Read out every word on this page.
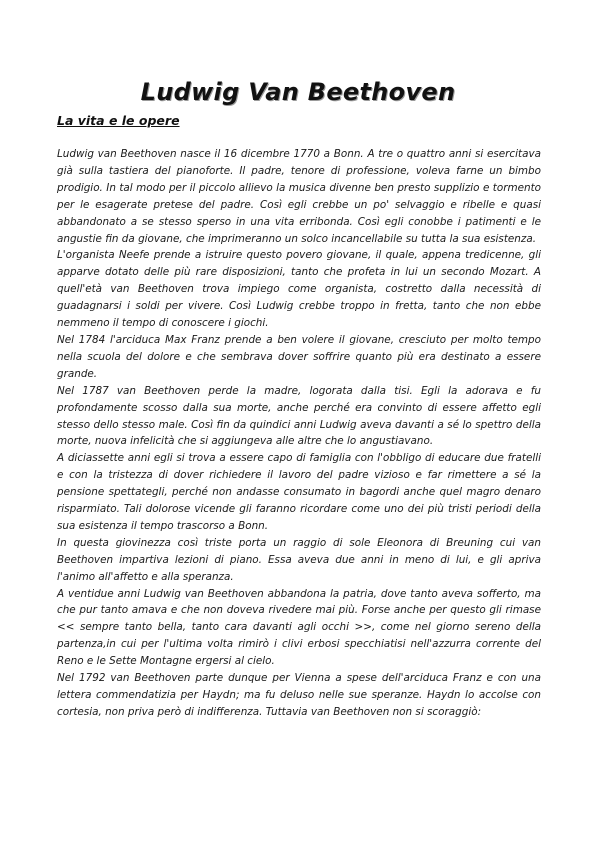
Ludwig Van Beethoven
La vita e le opere

Ludwig van Beethoven nasce il 16 dicembre 1770 a Bonn. A tre o quattro anni si esercitava già sulla tastiera del pianoforte. Il padre, tenore di professione, voleva farne un bimbo prodigio. In tal modo per il piccolo allievo la musica divenne ben presto supplizio e tormento per le esagerate pretese del padre. Così egli crebbe un po' selvaggio e ribelle e quasi abbandonato a se stesso sperso in una vita erribonda. Così egli conobbe i patimenti e le angustie fin da giovane, che imprimeranno un solco incancellabile su tutta la sua esistenza.

L'organista Neefe prende a istruire questo povero giovane, il quale, appena tredicenne, gli apparve dotato delle più rare disposizioni, tanto che profeta in lui un secondo Mozart. A quell'età van Beethoven trova impiego come organista, costretto dalla necessità di guadagnarsi i soldi per vivere. Così Ludwig crebbe troppo in fretta, tanto che non ebbe nemmeno il tempo di conoscere i giochi.

Nel 1784 l'arciduca Max Franz prende a ben volere il giovane, cresciuto per molto tempo nella scuola del dolore e che sembrava dover soffrire quanto più era destinato a essere grande.

Nel 1787 van Beethoven perde la madre, logorata dalla tisi. Egli la adorava e fu profondamente scosso dalla sua morte, anche perché era convinto di essere affetto egli stesso dello stesso male. Così fin da quindici anni Ludwig aveva davanti a sé lo spettro della morte, nuova infelicità che si aggiungeva alle altre che lo angustiavano.

A diciassette anni egli si trova a essere capo di famiglia con l'obbligo di educare due fratelli e con la tristezza di dover richiedere il lavoro del padre vizioso e far rimettere a sé la pensione spettategli, perché non andasse consumato in bagordi anche quel magro denaro risparmiato. Tali dolorose vicende gli faranno ricordare come uno dei più tristi periodi della sua esistenza il tempo trascorso a Bonn.

In questa giovinezza così triste porta un raggio di sole Eleonora di Breuning cui van Beethoven impartiva lezioni di piano. Essa aveva due anni in meno di lui, e gli apriva l'animo all'affetto e alla speranza.

A ventidue anni Ludwig van Beethoven abbandona la patria, dove tanto aveva sofferto, ma che pur tanto amava e che non doveva rivedere mai più. Forse anche per questo gli rimase << sempre tanto bella, tanto cara davanti agli occhi >>, come nel giorno sereno della partenza,in cui per l'ultima volta rimirò i clivi erbosi specchiatisi nell'azzurra corrente del Reno e le Sette Montagne ergersi al cielo.

Nel 1792 van Beethoven parte dunque per Vienna a spese dell'arciduca Franz e con una lettera commendatizia per Haydn; ma fu deluso nelle sue speranze. Haydn lo accolse con cortesia, non priva però di indifferenza. Tuttavia van Beethoven non si scoraggiò:
